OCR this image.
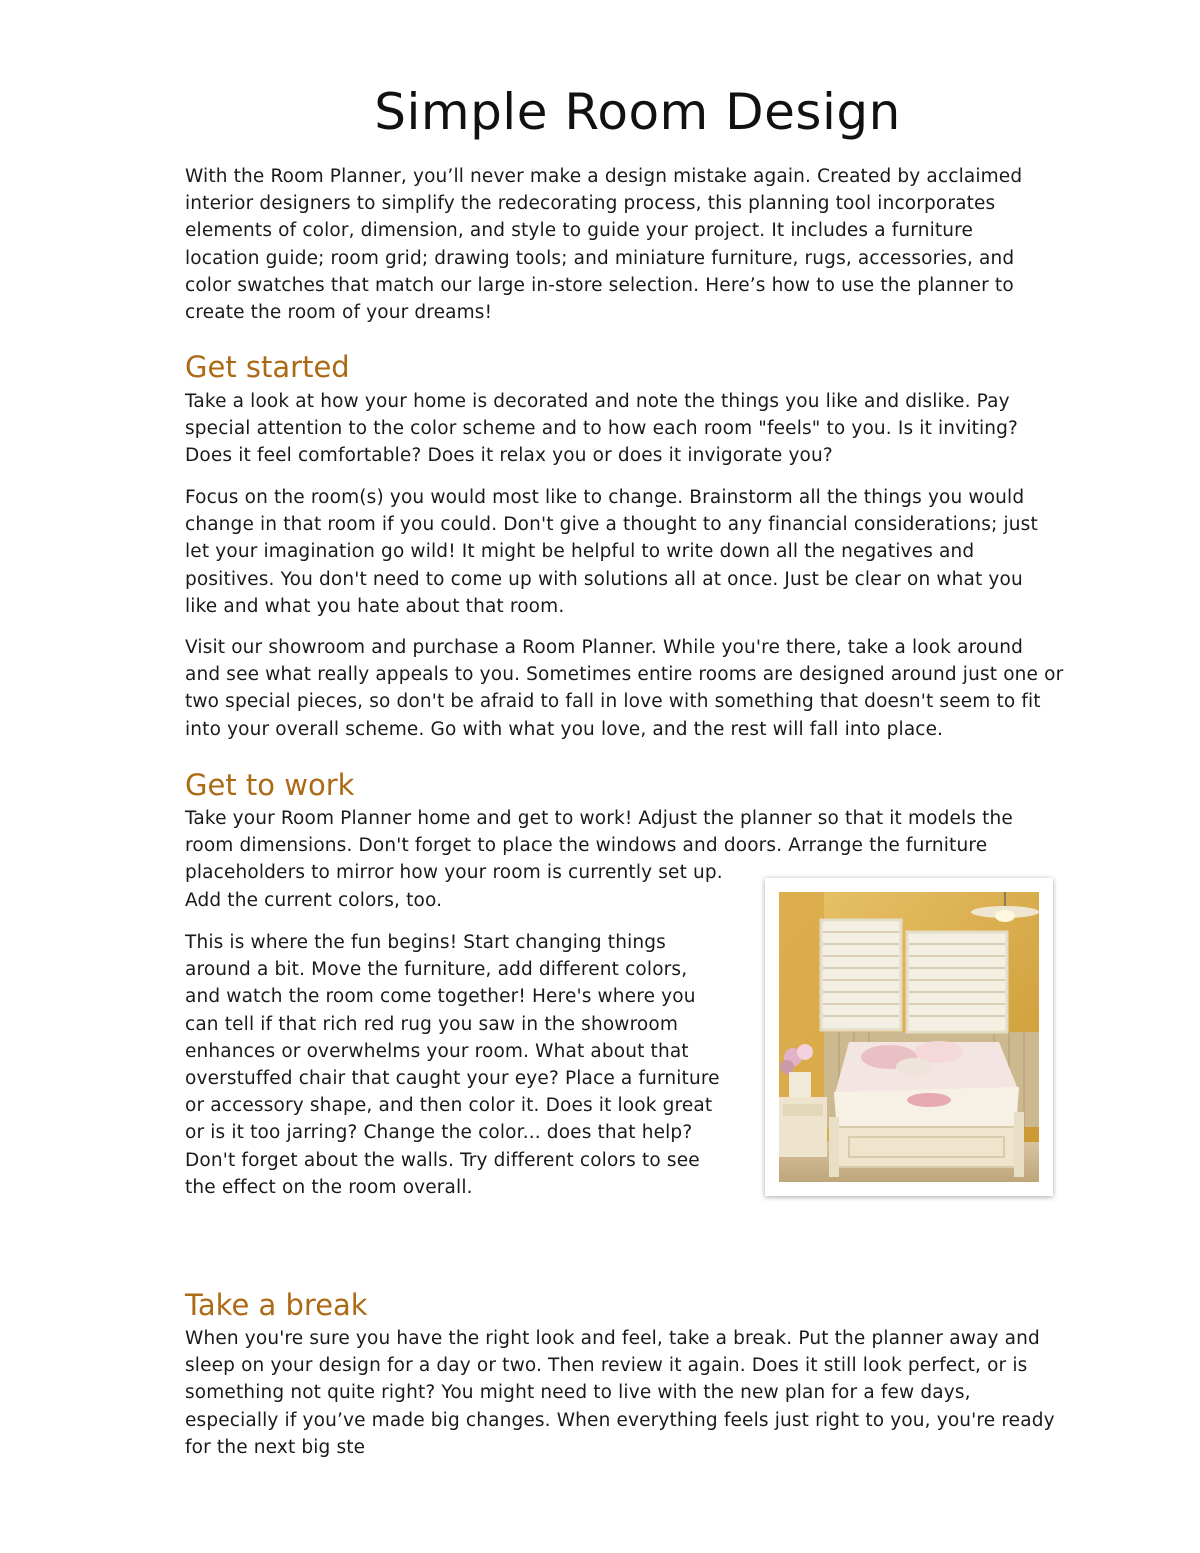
Simple Room Design

With the Room Planner, you’ll never make a design mistake again. Created by acclaimed

interior designers to simplify the redecorating process, this planning tool incorporates

elements of color, dimension, and style to guide your project. It includes a furniture

location guide; room grid; drawing tools; and miniature furniture, rugs, accessories, and

color swatches that match our large in-store selection. Here’s how to use the planner to

create the room of your dreams!

Get started

Take a look at how your home is decorated and note the things you like and dislike. Pay

special attention to the color scheme and to how each room "feels" to you. Is it inviting?

Does it feel comfortable? Does it relax you or does it invigorate you?

Focus on the room(s) you would most like to change. Brainstorm all the things you would

change in that room if you could. Don't give a thought to any financial considerations; just

let your imagination go wild! It might be helpful to write down all the negatives and

positives. You don't need to come up with solutions all at once. Just be clear on what you

like and what you hate about that room.

Visit our showroom and purchase a Room Planner. While you're there, take a look around

and see what really appeals to you. Sometimes entire rooms are designed around just one or

two special pieces, so don't be afraid to fall in love with something that doesn't seem to fit

into your overall scheme. Go with what you love, and the rest will fall into place.

Get to work

Take your Room Planner home and get to work! Adjust the planner so that it models the

room dimensions. Don't forget to place the windows and doors. Arrange the furniture

placeholders to mirror how your room is currently set up.

Add the current colors, too.

This is where the fun begins! Start changing things

around a bit. Move the furniture, add different colors,

and watch the room come together! Here's where you

can tell if that rich red rug you saw in the showroom

enhances or overwhelms your room. What about that

overstuffed chair that caught your eye? Place a furniture

or accessory shape, and then color it. Does it look great

or is it too jarring? Change the color... does that help?

Don't forget about the walls. Try different colors to see

the effect on the room overall.

Take a break

When you're sure you have the right look and feel, take a break. Put the planner away and

sleep on your design for a day or two. Then review it again. Does it still look perfect, or is

something not quite right? You might need to live with the new plan for a few days,

especially if you’ve made big changes. When everything feels just right to you, you're ready

for the next big ste
